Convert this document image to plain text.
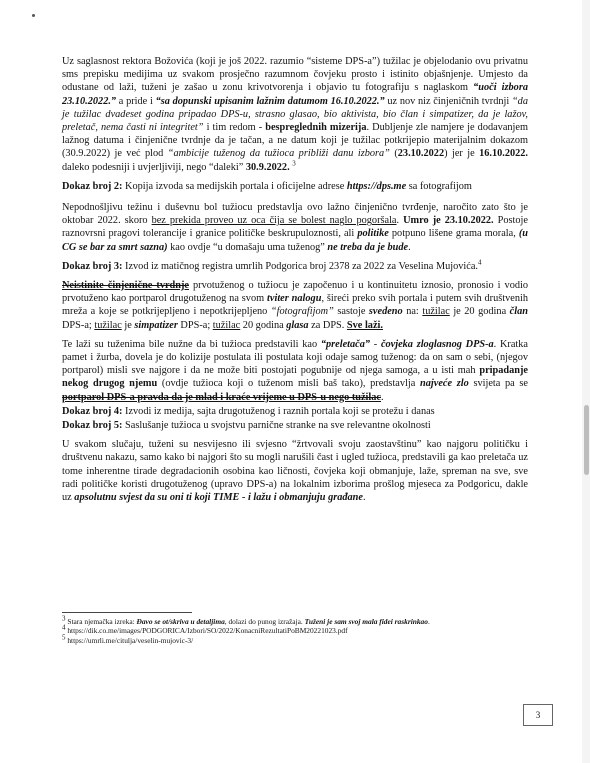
Uz saglasnost rektora Božovića (koji je još 2022. razumio “sisteme DPS-a”) tužilac je objelodanio ovu privatnu sms prepisku medijima uz svakom prosječno razumnom čovjeku prosto i istinito objašnjenje. Umjesto da odustane od laži, tuženi je zašao u zonu krivotvorenja i objavio tu fotografiju s naglaskom “uoči izbora 23.10.2022.” a pride i “sa dopunski upisanim lažnim datumom 16.10.2022.” uz nov niz činjeničnih tvrdnji “da je tužilac dvadeset godina pripadao DPS-u, strasno glasao, bio aktivista, bio član i simpatizer, da je lažov, preletač, nema časti ni integritet” i tim redom - bespreglednih mizerija. Dubljenje zle namjere je dodavanjem lažnog datuma i činjenične tvrdnje da je tačan, a ne datum koji je tužilac potkrijepio materijalnim dokazom (30.9.2022) je već plod “ambicije tuženog da tužioca približi danu izbora” (23.10.2022) jer je 16.10.2022. daleko podesniji i uvjerljiviji, nego “daleki” 30.9.2022. $^3$

Dokaz broj 2: Kopija izvoda sa medijskih portala i oficijelne adrese https://dps.me sa fotografijom

Nepodnošljivu težinu i duševnu bol tužiocu predstavlja ovo lažno činjenično tvrđenje, naročito zato što je oktobar 2022. skoro bez prekida proveo uz oca čija se bolest naglo pogoršala. Umro je 23.10.2022. Postoje raznovrsni pragovi tolerancije i granice političke beskrupuloznosti, ali politike potpuno lišene grama morala, (u CG se bar za smrt sazna) kao ovdje “u domašaju uma tuženog” ne treba da je bude.

Dokaz broj 3: Izvod iz matičnog registra umrlih Podgorica broj 2378 za 2022 za Veselina Mujovića.$^4$

Neistinite činjenične tvrdnje prvotuženog o tužiocu je započenuo i u kontinuitetu iznosio, pronosio i vodio prvotuženo kao portparol drugotuženog na svom tviter nalogu, šireći preko svih portala i putem svih društvenih mreža a koje se potkrijepljeno i nepotkrijepljeno “fotografijom” sastoje svedeno na: tužilac je 20 godina član DPS-a; tužilac je simpatizer DPS-a; tužilac 20 godina glasa za DPS. Sve laži.

Te laži su tuženima bile nužne da bi tužioca predstavili kao “preletača” - čovjeka zloglasnog DPS-a. Kratka pamet i žurba, dovela je do kolizije postulata ili postulata koji odaje samog tuženog: da on sam o sebi, (njegov portparol) misli sve najgore i da ne može biti postojati pogubnije od njega samoga, a u isti mah pripadanje nekog drugog njemu (ovdje tužioca koji o tuženom misli baš tako), predstavlja najveće zlo svijeta pa se portparol DPS-a pravda da je mlad i kraće vrijeme u DPS-u nego tužilac.

Dokaz broj 4: Izvodi iz medija, sajta drugotuženog i raznih portala koji se protežu i danas

Dokaz broj 5: Saslušanje tužioca u svojstvu parnične stranke na sve relevantne okolnosti

U svakom slučaju, tuženi su nesvijesno ili svjesno “žrtvovali svoju zaostavštinu” kao najgoru političku i društvenu nakazu, samo kako bi najgori što su mogli narušili čast i ugled tužioca, predstavili ga kao preletača uz tome inherentne tirade degradacionih osobina kao ličnosti, čovjeka koji obmanjuje, laže, spreman na sve, sve radi političke koristi drugotuženog (upravo DPS-a) na lokalnim izborima prošlog mjeseca za Podgoricu, dakle uz apsolutnu svjest da su oni ti koji TIME - i lažu i obmanjuju građane.

$^3$ Stara njemačka izreka: Đavo se ot/skriva u detaljima, dolazi do punog izražaja. Tuženi je sam svoj mala fidei raskrinkao.
$^4$ https://dik.co.me/images/PODGORICA/Izbori/SO/2022/KonacniRezultatiPoBM20221023.pdf
$^5$ https://umrli.me/citulja/veselin-mujovic-3/
3
